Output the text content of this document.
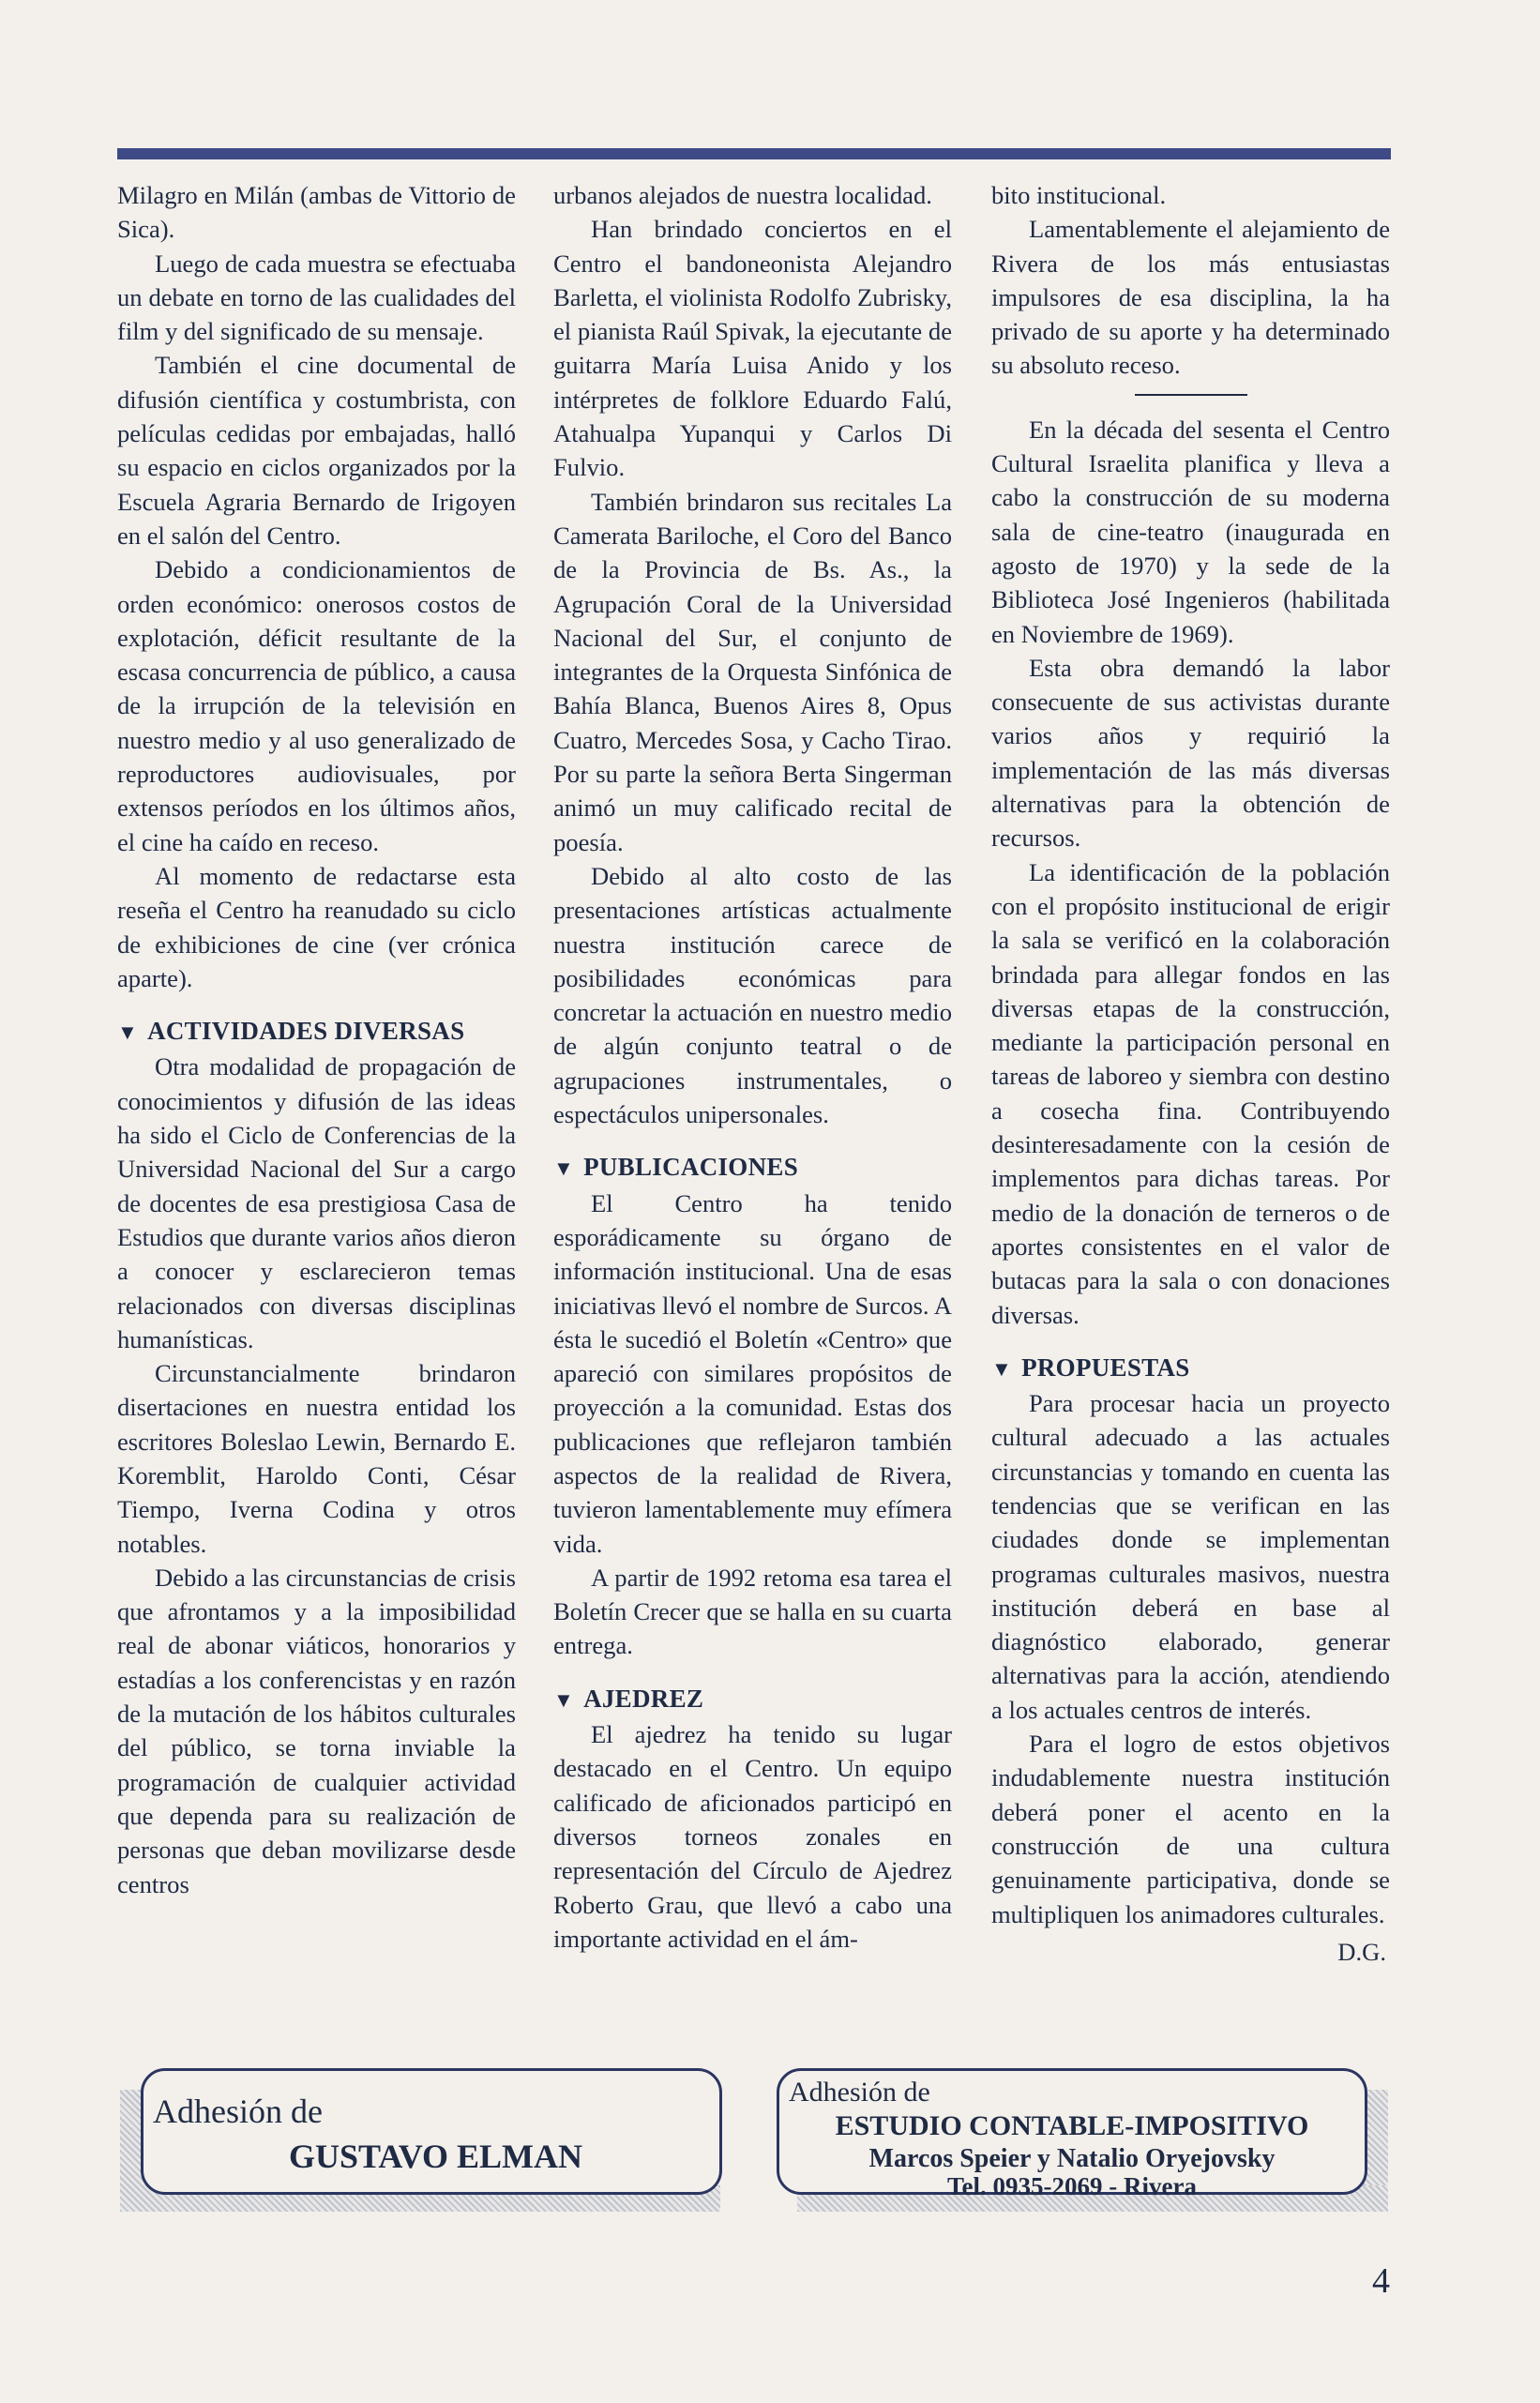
Milagro en Milán (ambas de Vittorio de Sica).

Luego de cada muestra se efectuaba un debate en torno de las cualidades del film y del significado de su mensaje.

También el cine documental de difusión científica y costumbrista, con películas cedidas por embajadas, halló su espacio en ciclos organizados por la Escuela Agraria Bernardo de Irigoyen en el salón del Centro.

Debido a condicionamientos de orden económico: onerosos costos de explotación, déficit resultante de la escasa concurrencia de público, a causa de la irrupción de la televisión en nuestro medio y al uso generalizado de reproductores audiovisuales, por extensos períodos en los últimos años, el cine ha caído en receso.

Al momento de redactarse esta reseña el Centro ha reanudado su ciclo de exhibiciones de cine (ver crónica aparte).

▼ ACTIVIDADES DIVERSAS

Otra modalidad de propagación de conocimientos y difusión de las ideas ha sido el Ciclo de Conferencias de la Universidad Nacional del Sur a cargo de docentes de esa prestigiosa Casa de Estudios que durante varios años dieron a conocer y esclarecieron temas relacionados con diversas disciplinas humanísticas.

Circunstancialmente brindaron disertaciones en nuestra entidad los escritores Boleslao Lewin, Bernardo E. Koremblit, Haroldo Conti, César Tiempo, Iverna Codina y otros notables.

Debido a las circunstancias de crisis que afrontamos y a la imposibilidad real de abonar viáticos, honorarios y estadías a los conferencistas y en razón de la mutación de los hábitos culturales del público, se torna inviable la programación de cualquier actividad que dependa para su realización de personas que deban movilizarse desde centros

urbanos alejados de nuestra localidad.

Han brindado conciertos en el Centro el bandoneonista Alejandro Barletta, el violinista Rodolfo Zubrisky, el pianista Raúl Spivak, la ejecutante de guitarra María Luisa Anido y los intérpretes de folklore Eduardo Falú, Atahualpa Yupanqui y Carlos Di Fulvio.

También brindaron sus recitales La Camerata Bariloche, el Coro del Banco de la Provincia de Bs. As., la Agrupación Coral de la Universidad Nacional del Sur, el conjunto de integrantes de la Orquesta Sinfónica de Bahía Blanca, Buenos Aires 8, Opus Cuatro, Mercedes Sosa, y Cacho Tirao. Por su parte la señora Berta Singerman animó un muy calificado recital de poesía.

Debido al alto costo de las presentaciones artísticas actualmente nuestra institución carece de posibilidades económicas para concretar la actuación en nuestro medio de algún conjunto teatral o de agrupaciones instrumentales, o espectáculos unipersonales.

▼ PUBLICACIONES

El Centro ha tenido esporádicamente su órgano de información institucional. Una de esas iniciativas llevó el nombre de Surcos. A ésta le sucedió el Boletín «Centro» que apareció con similares propósitos de proyección a la comunidad. Estas dos publicaciones que reflejaron también aspectos de la realidad de Rivera, tuvieron lamentablemente muy efímera vida.

A partir de 1992 retoma esa tarea el Boletín Crecer que se halla en su cuarta entrega.

▼ AJEDREZ

El ajedrez ha tenido su lugar destacado en el Centro. Un equipo calificado de aficionados participó en diversos torneos zonales en representación del Círculo de Ajedrez Roberto Grau, que llevó a cabo una importante actividad en el ám-

bito institucional.

Lamentablemente el alejamiento de Rivera de los más entusiastas impulsores de esa disciplina, la ha privado de su aporte y ha determinado su absoluto receso.

En la década del sesenta el Centro Cultural Israelita planifica y lleva a cabo la construcción de su moderna sala de cine-teatro (inaugurada en agosto de 1970) y la sede de la Biblioteca José Ingenieros (habilitada en Noviembre de 1969).

Esta obra demandó la labor consecuente de sus activistas durante varios años y requirió la implementación de las más diversas alternativas para la obtención de recursos.

La identificación de la población con el propósito institucional de erigir la sala se verificó en la colaboración brindada para allegar fondos en las diversas etapas de la construcción, mediante la participación personal en tareas de laboreo y siembra con destino a cosecha fina. Contribuyendo desinteresadamente con la cesión de implementos para dichas tareas. Por medio de la donación de terneros o de aportes consistentes en el valor de butacas para la sala o con donaciones diversas.

▼ PROPUESTAS

Para procesar hacia un proyecto cultural adecuado a las actuales circunstancias y tomando en cuenta las tendencias que se verifican en las ciudades donde se implementan programas culturales masivos, nuestra institución deberá en base al diagnóstico elaborado, generar alternativas para la acción, atendiendo a los actuales centros de interés.

Para el logro de estos objetivos indudablemente nuestra institución deberá poner el acento en la construcción de una cultura genuinamente participativa, donde se multipliquen los animadores culturales.

D.G.
Adhesión de
GUSTAVO ELMAN
Adhesión de
ESTUDIO CONTABLE-IMPOSITIVO
Marcos Speier y Natalio Oryejovsky
Tel. 0935-2069 - Rivera
4
